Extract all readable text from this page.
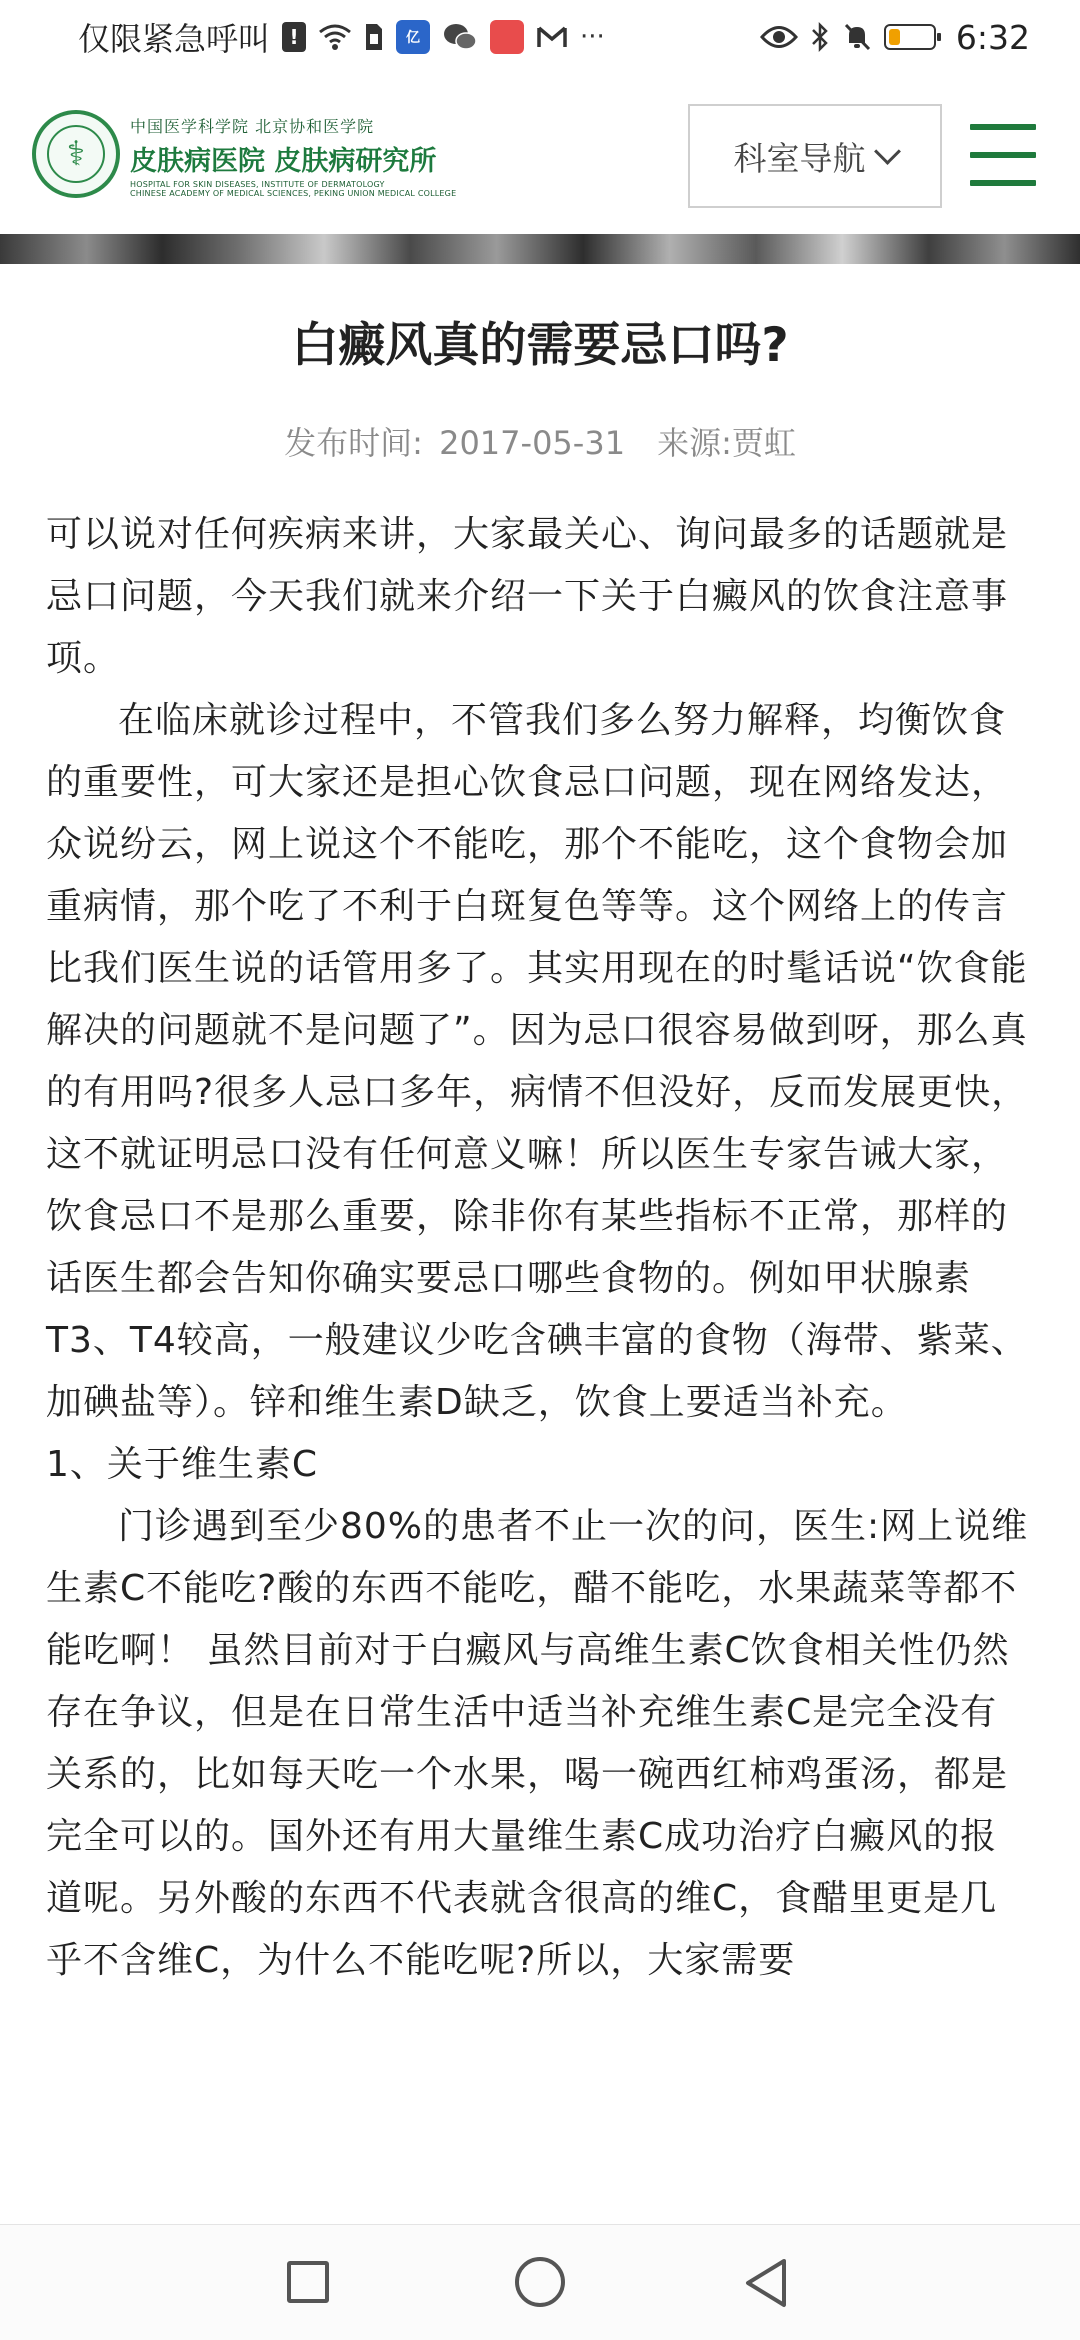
仅限紧急呼叫 !	亿	···	6:32
⚕
中国医学科学院 北京协和医学院
皮肤病医院 皮肤病研究所
HOSPITAL FOR SKIN DISEASES, INSTITUTE OF DERMATOLOGY
CHINESE ACADEMY OF MEDICAL SCIENCES, PEKING UNION MEDICAL COLLEGE
科室导航
白癜风真的需要忌口吗?
发布时间: 2017-05-31 来源:贾虹

可以说对任何疾病来讲，大家最关心、询问最多的话题就是忌口问题，今天我们就来介绍一下关于白癜风的饮食注意事项。

在临床就诊过程中，不管我们多么努力解释，均衡饮食的重要性，可大家还是担心饮食忌口问题，现在网络发达，众说纷云，网上说这个不能吃，那个不能吃，这个食物会加重病情，那个吃了不利于白斑复色等等。这个网络上的传言比我们医生说的话管用多了。其实用现在的时髦话说“饮食能解决的问题就不是问题了”。因为忌口很容易做到呀，那么真的有用吗?很多人忌口多年，病情不但没好，反而发展更快，这不就证明忌口没有任何意义嘛！所以医生专家告诫大家，饮食忌口不是那么重要，除非你有某些指标不正常，那样的话医生都会告知你确实要忌口哪些食物的。例如甲状腺素T3、T4较高，一般建议少吃含碘丰富的食物（海带、紫菜、加碘盐等）。锌和维生素D缺乏，饮食上要适当补充。

1、关于维生素C

门诊遇到至少80%的患者不止一次的问，医生:网上说维生素C不能吃?酸的东西不能吃，醋不能吃，水果蔬菜等都不能吃啊！ 虽然目前对于白癜风与高维生素C饮食相关性仍然存在争议，但是在日常生活中适当补充维生素C是完全没有关系的，比如每天吃一个水果，喝一碗西红柿鸡蛋汤，都是完全可以的。国外还有用大量维生素C成功治疗白癜风的报道呢。另外酸的东西不代表就含很高的维C，食醋里更是几乎不含维C，为什么不能吃呢?所以，大家需要
